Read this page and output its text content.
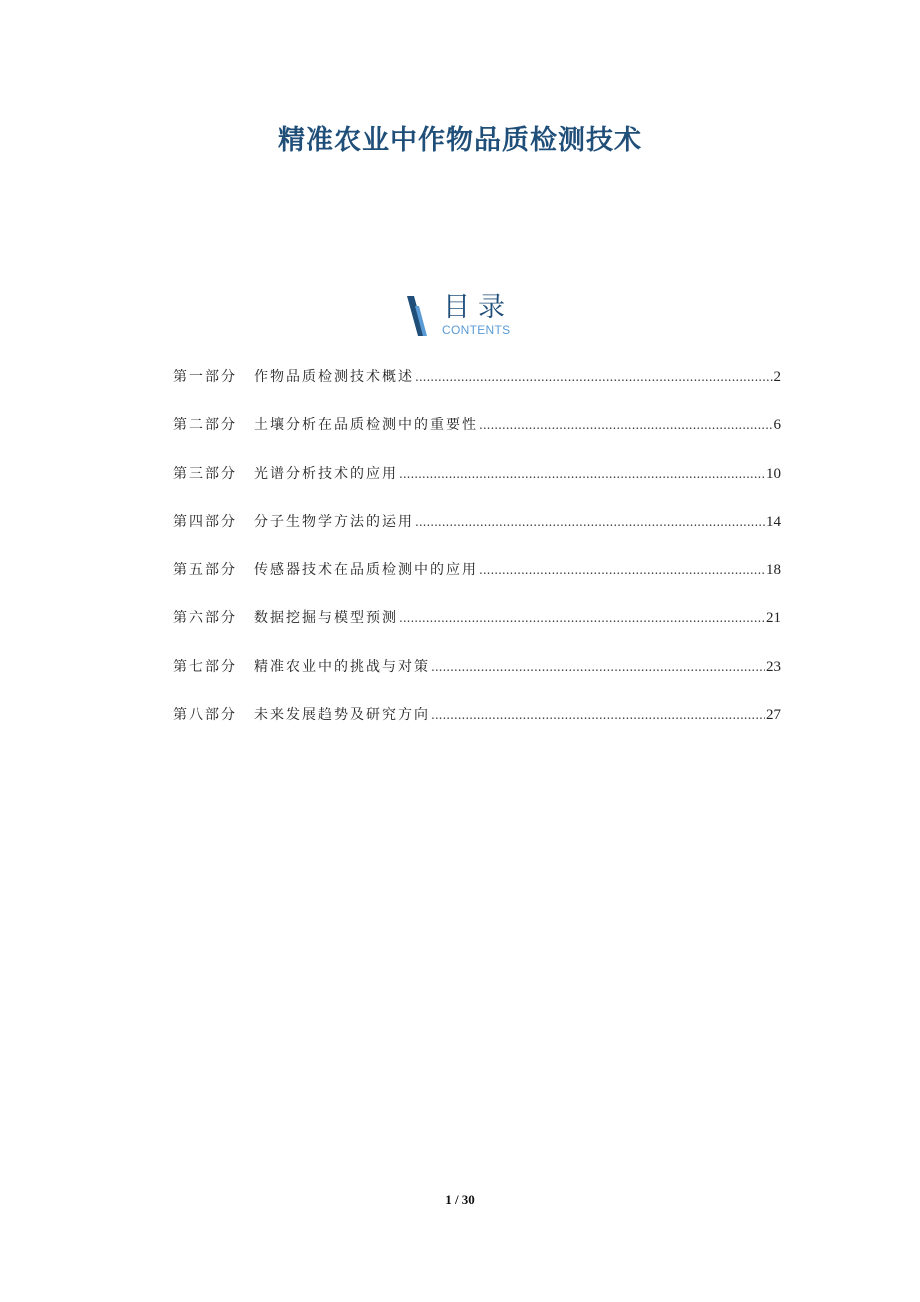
精准农业中作物品质检测技术
目录
CONTENTS
第一部分	作物品质检测技术概述 .....	2
第二部分	土壤分析在品质检测中的重要性 .....	6
第三部分	光谱分析技术的应用 .....	10
第四部分	分子生物学方法的运用 .....	14
第五部分	传感器技术在品质检测中的应用 .....	18
第六部分	数据挖掘与模型预测 .....	21
第七部分	精准农业中的挑战与对策 .....	23
第八部分	未来发展趋势及研究方向 .....	27
1 / 30
